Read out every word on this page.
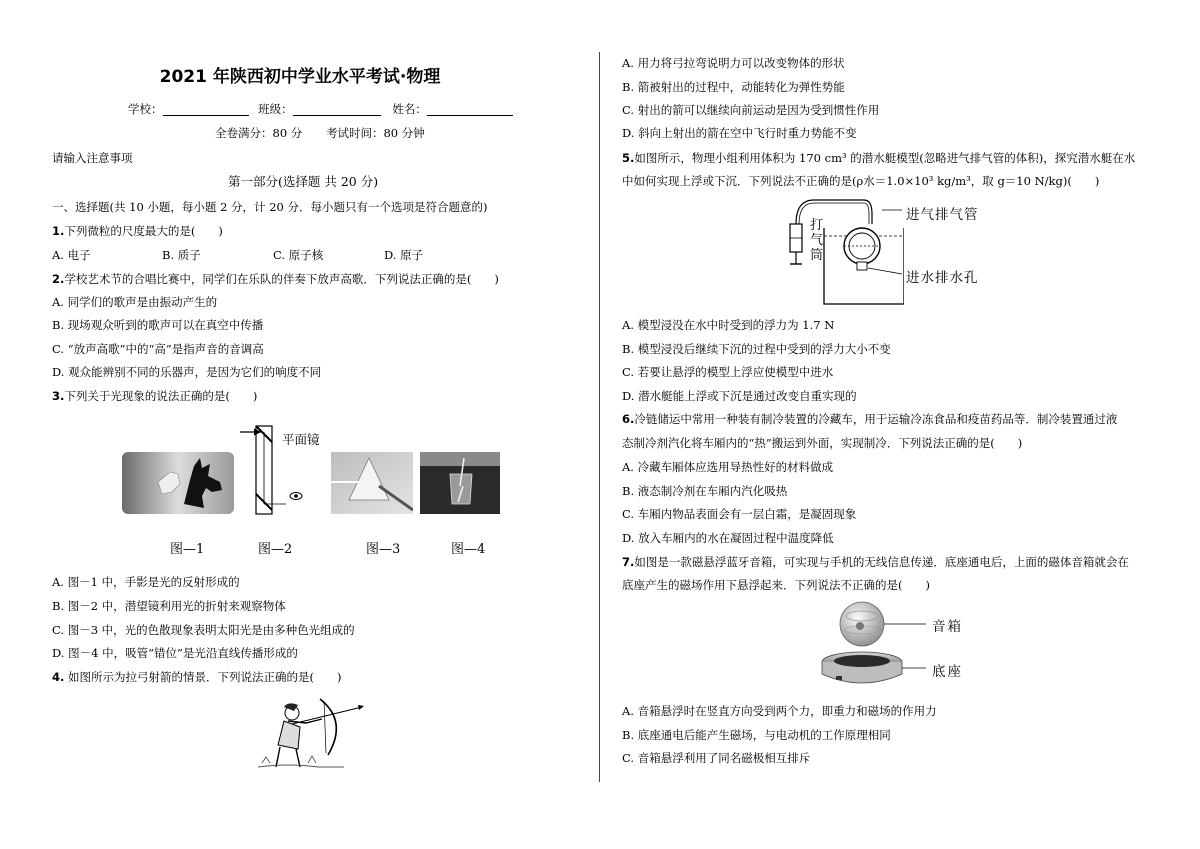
2021 年陕西初中学业水平考试·物理
学校：	班级：	姓名：
全卷满分：80 分 考试时间：80 分钟
请输入注意事项
第一部分(选择题 共 20 分)
一、选择题(共 10 小题，每小题 2 分，计 20 分．每小题只有一个选项是符合题意的)
1.下列微粒的尺度最大的是(　　)
A. 电子	B. 质子	C. 原子核	D. 原子
2.学校艺术节的合唱比赛中，同学们在乐队的伴奏下放声高歌．下列说法正确的是(　　)
A. 同学们的歌声是由振动产生的
B. 现场观众听到的歌声可以在真空中传播
C. “放声高歌”中的“高”是指声音的音调高
D. 观众能辨别不同的乐器声，是因为它们的响度不同
3.下列关于光现象的说法正确的是(　　)
平面镜
图—1	图—2	图—3	图—4
A. 图－1 中，手影是光的反射形成的
B. 图－2 中，潜望镜利用光的折射来观察物体
C. 图－3 中，光的色散现象表明太阳光是由多种色光组成的
D. 图－4 中，吸管“错位”是光沿直线传播形成的
4. 如图所示为拉弓射箭的情景．下列说法正确的是(　　)
A. 用力将弓拉弯说明力可以改变物体的形状
B. 箭被射出的过程中，动能转化为弹性势能
C. 射出的箭可以继续向前运动是因为受到惯性作用
D. 斜向上射出的箭在空中飞行时重力势能不变
5.如图所示，物理小组利用体积为 170 cm³ 的潜水艇模型(忽略进气排气管的体积)，探究潜水艇在水
中如何实现上浮或下沉．下列说法不正确的是(ρ水＝1.0×10³ kg/m³，取 g＝10 N/kg)(　　)
进气排气管
打气筒
进水排水孔
A. 模型浸没在水中时受到的浮力为 1.7 N
B. 模型浸没后继续下沉的过程中受到的浮力大小不变
C. 若要让悬浮的模型上浮应使模型中进水
D. 潜水艇能上浮或下沉是通过改变自重实现的
6.冷链储运中常用一种装有制冷装置的冷藏车，用于运输冷冻食品和疫苗药品等．制冷装置通过液
态制冷剂汽化将车厢内的“热”搬运到外面，实现制冷．下列说法正确的是(　　)
A. 冷藏车厢体应选用导热性好的材料做成
B. 液态制冷剂在车厢内汽化吸热
C. 车厢内物品表面会有一层白霜，是凝固现象
D. 放入车厢内的水在凝固过程中温度降低
7.如图是一款磁悬浮蓝牙音箱，可实现与手机的无线信息传递．底座通电后，上面的磁体音箱就会在
底座产生的磁场作用下悬浮起来．下列说法不正确的是(　　)
音箱
底座
A. 音箱悬浮时在竖直方向受到两个力，即重力和磁场的作用力
B. 底座通电后能产生磁场，与电动机的工作原理相同
C. 音箱悬浮利用了同名磁极相互排斥
